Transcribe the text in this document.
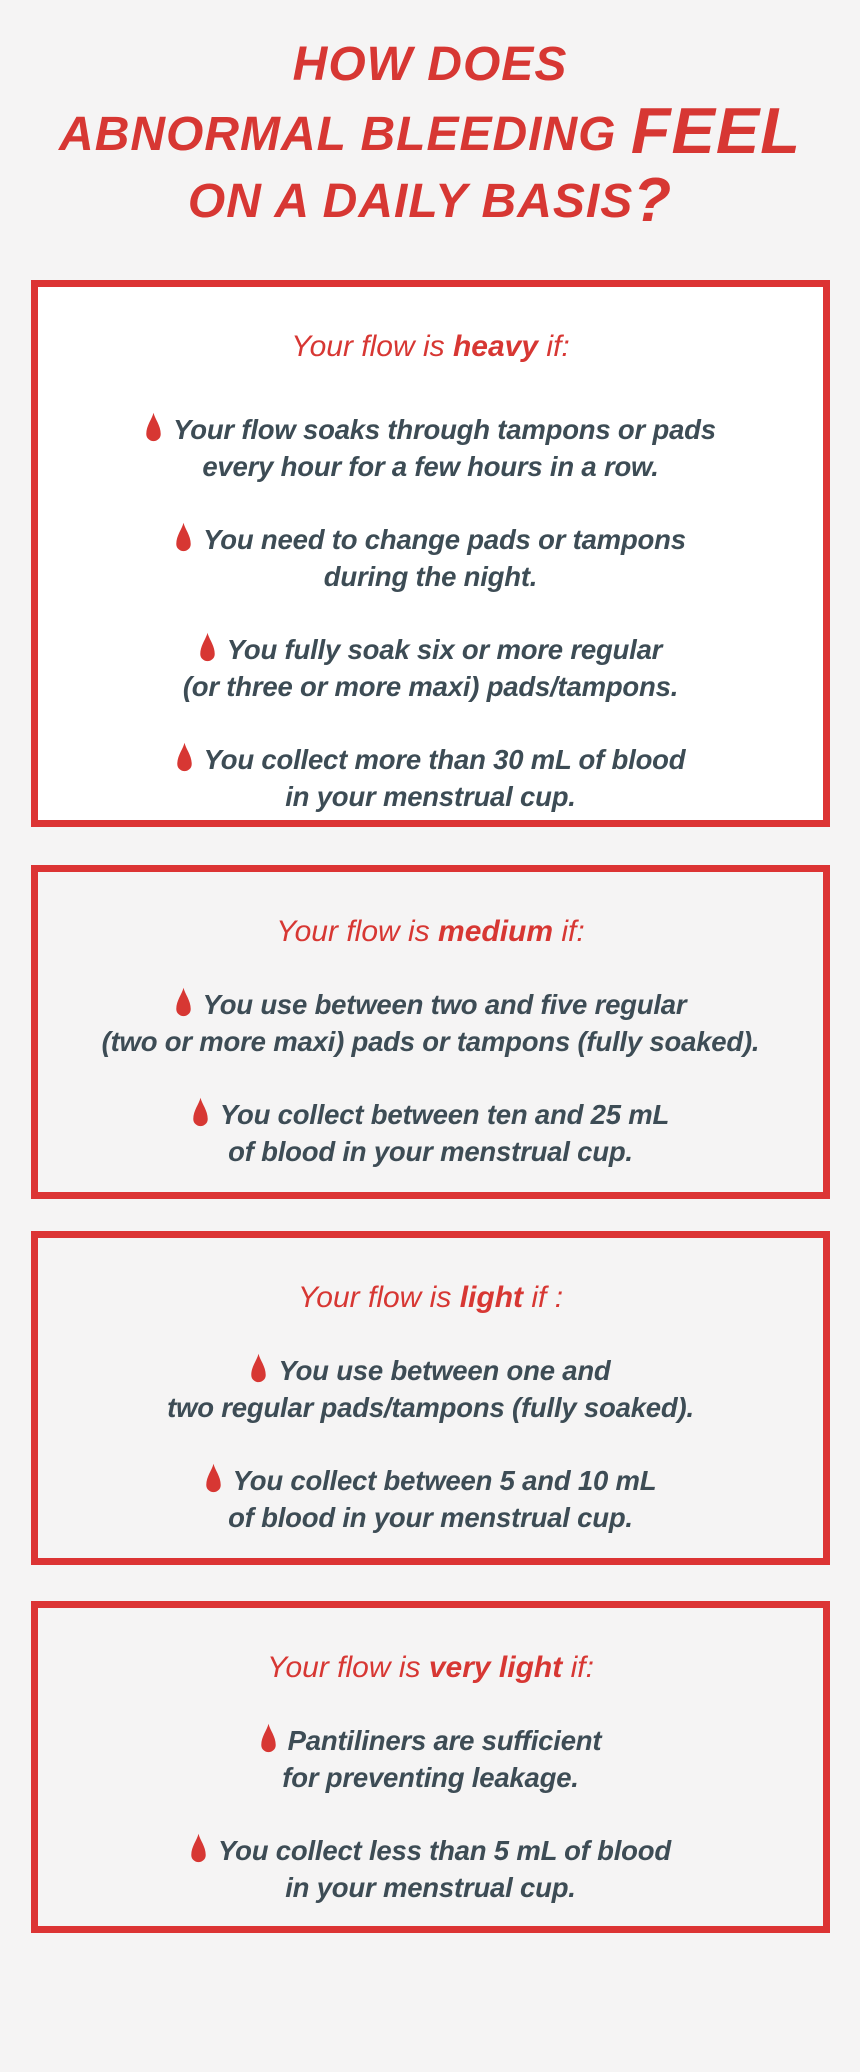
HOW DOES
ABNORMAL BLEEDING FEEL
ON A DAILY BASIS?
Your flow is heavy if:
Your flow soaks through tampons or pads
every hour for a few hours in a row.
You need to change pads or tampons
during the night.
You fully soak six or more regular
(or three or more maxi) pads/tampons.
You collect more than 30 mL of blood
in your menstrual cup.
Your flow is medium if:
You use between two and five regular
(two or more maxi) pads or tampons (fully soaked).
You collect between ten and 25 mL
of blood in your menstrual cup.
Your flow is light if :
You use between one and
two regular pads/tampons (fully soaked).
You collect between 5 and 10 mL
of blood in your menstrual cup.
Your flow is very light if:
Pantiliners are sufficient
for preventing leakage.
You collect less than 5 mL of blood
in your menstrual cup.
